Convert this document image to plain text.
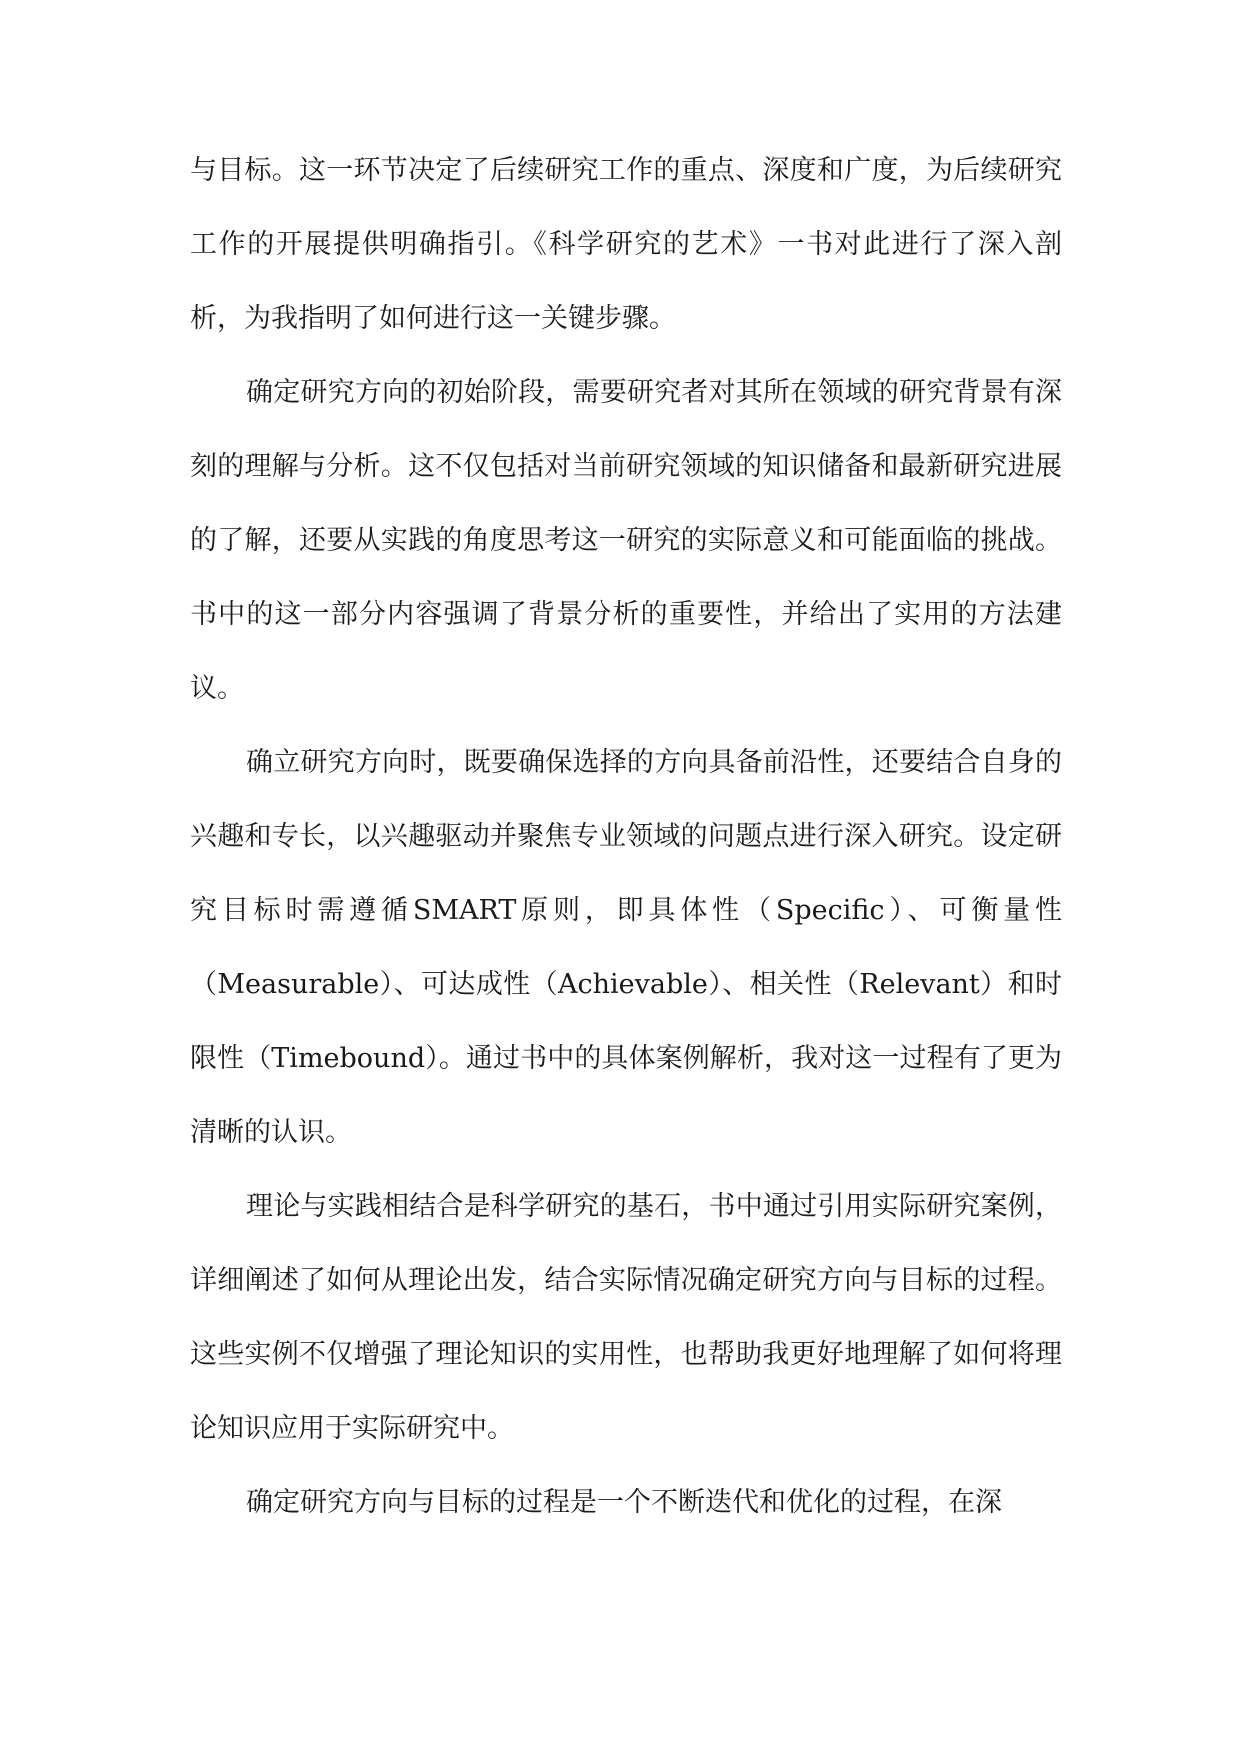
与目标。这一环节决定了后续研究工作的重点、深度和广度，为后续研究工作的开展提供明确指引。《科学研究的艺术》一书对此进行了深入剖析，为我指明了如何进行这一关键步骤。

确定研究方向的初始阶段，需要研究者对其所在领域的研究背景有深刻的理解与分析。这不仅包括对当前研究领域的知识储备和最新研究进展的了解，还要从实践的角度思考这一研究的实际意义和可能面临的挑战。书中的这一部分内容强调了背景分析的重要性，并给出了实用的方法建议。

确立研究方向时，既要确保选择的方向具备前沿性，还要结合自身的兴趣和专长，以兴趣驱动并聚焦专业领域的问题点进行深入研究。设定研究目标时需遵循SMART原则，即具体性（Specific）、可衡量性（Measurable）、可达成性（Achievable）、相关性（Relevant）和时限性（Timebound）。通过书中的具体案例解析，我对这一过程有了更为清晰的认识。

理论与实践相结合是科学研究的基石，书中通过引用实际研究案例，详细阐述了如何从理论出发，结合实际情况确定研究方向与目标的过程。这些实例不仅增强了理论知识的实用性，也帮助我更好地理解了如何将理论知识应用于实际研究中。

确定研究方向与目标的过程是一个不断迭代和优化的过程，在深
